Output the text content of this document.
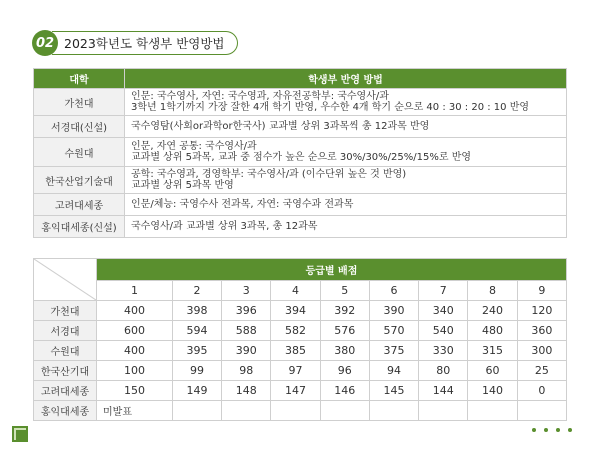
02 2023학년도 학생부 반영방법
대학	학생부 반영 방법
가천대	인문: 국수영사, 자연: 국수영과, 자유전공학부: 국수영사/과
3학년 1학기까지 가장 잘한 4개 학기 반영, 우수한 4개 학기 순으로 40 : 30 : 20 : 10 반영

서경대(신설)	국수영탐(사회or과학or한국사) 교과별 상위 3과목씩 총 12과목 반영

수원대	인문, 자연 공통: 국수영사/과
교과별 상위 5과목, 교과 중 점수가 높은 순으로 30%/30%/25%/15%로 반영

한국산업기술대	공학: 국수영과, 경영학부: 국수영사/과 (이수단위 높은 것 반영)
교과별 상위 5과목 반영

고려대세종	인문/체능: 국영수사 전과목, 자연: 국영수과 전과목

홍익대세종(신설)	국수영사/과 교과별 상위 3과목, 총 12과목
	등급별 배점								
	1	2	3	4	5	6	7	8	9
가천대	400	398	396	394	392	390	340	240	120
서경대	600	594	588	582	576	570	540	480	360
수원대	400	395	390	385	380	375	330	315	300
한국산기대	100	99	98	97	96	94	80	60	25
고려대세종	150	149	148	147	146	145	144	140	0
홍익대세종	미발표								
